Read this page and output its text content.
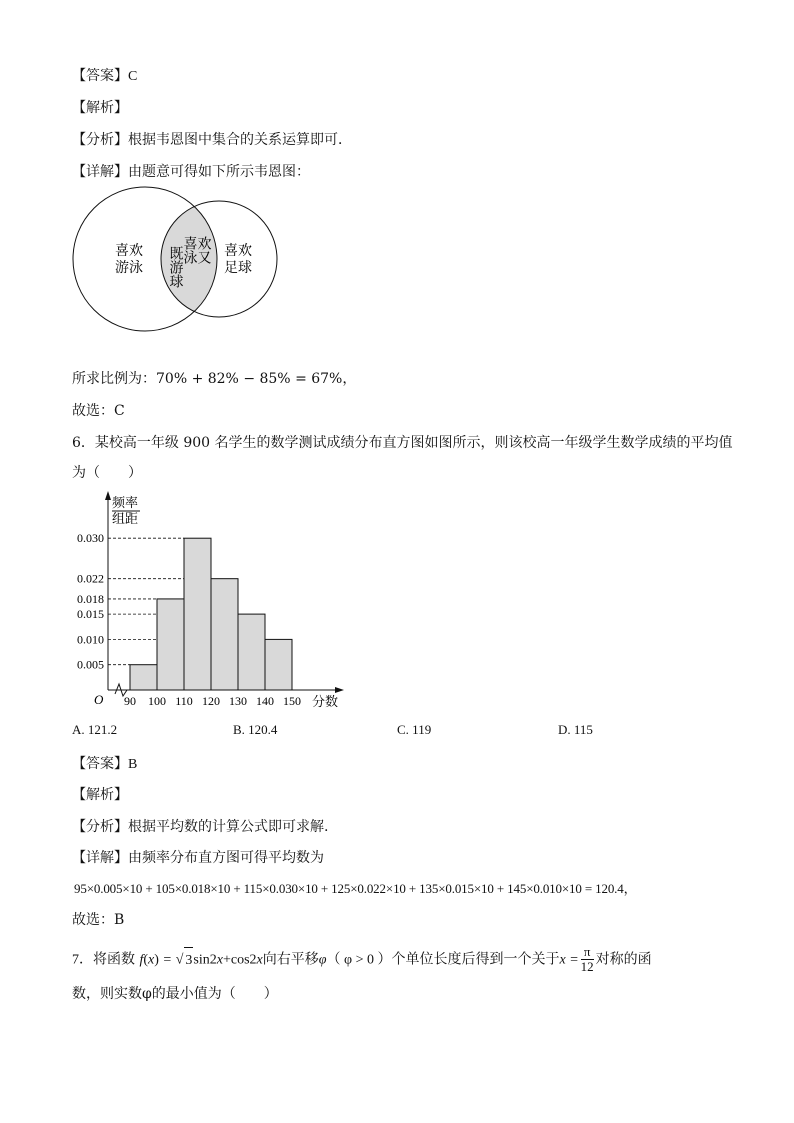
【答案】C
【解析】
【分析】根据韦恩图中集合的关系运算即可．
【详解】由题意可得如下所示韦恩图：
喜欢
游泳
喜欢
足球
既游球 喜泳 欢又
所求比例为：70% + 82% − 85% = 67%，
故选：C
6．某校高一年级 900 名学生的数学测试成绩分布直方图如图所示，则该校高一年级学生数学成绩的平均值
为（　　）
0.005
0.010
0.015
0.018
0.022
0.030
90 100 110 120 130 140 150
频率
组距
O	分数
A. 121.2	B. 120.4	C. 119	D. 115
【答案】B
【解析】
【分析】根据平均数的计算公式即可求解.
【详解】由频率分布直方图可得平均数为
95×0.005×10 + 105×0.018×10 + 115×0.030×10 + 125×0.022×10 + 135×0.015×10 + 145×0.010×10 = 120.4，
故选：B
7．将函数 f(x) = √ 3sin2x+cos2x向右平移φ（ φ > 0 ）个单位长度后得到一个关于$x = \frac{\pi}{12}$ 对称的函
数，则实数φ的最小值为（　　）
